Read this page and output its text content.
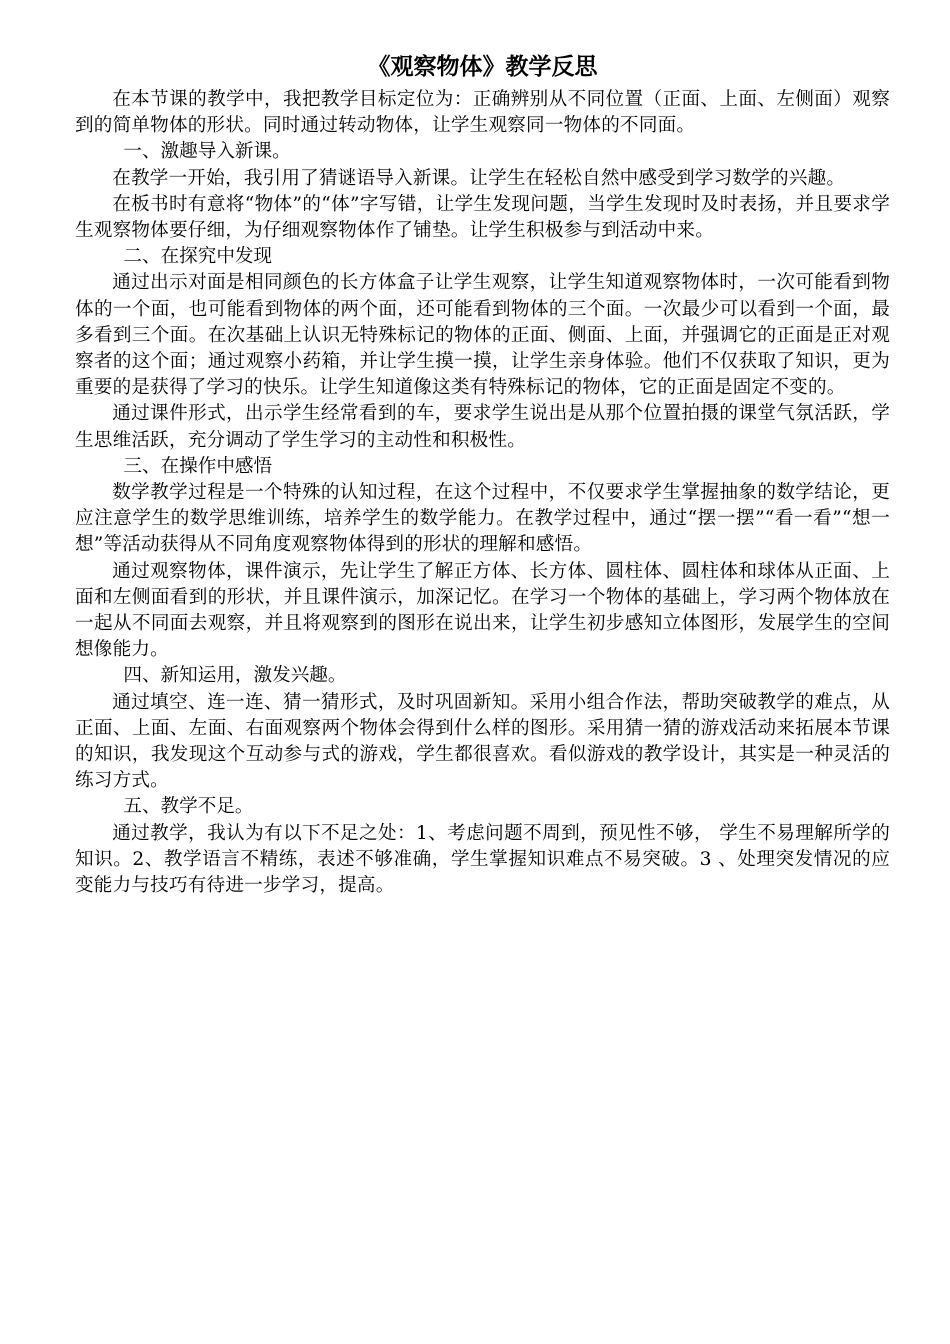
《观察物体》教学反思

在本节课的教学中，我把教学目标定位为：正确辨别从不同位置（正面、上面、左侧面）观察到的简单物体的形状。同时通过转动物体，让学生观察同一物体的不同面。

一、激趣导入新课。

在教学一开始，我引用了猜谜语导入新课。让学生在轻松自然中感受到学习数学的兴趣。

在板书时有意将“物体”的“体”字写错，让学生发现问题，当学生发现时及时表扬，并且要求学生观察物体要仔细，为仔细观察物体作了铺垫。让学生积极参与到活动中来。

二、在探究中发现

通过出示对面是相同颜色的长方体盒子让学生观察，让学生知道观察物体时，一次可能看到物体的一个面，也可能看到物体的两个面，还可能看到物体的三个面。一次最少可以看到一个面，最多看到三个面。在次基础上认识无特殊标记的物体的正面、侧面、上面，并强调它的正面是正对观察者的这个面；通过观察小药箱，并让学生摸一摸，让学生亲身体验。他们不仅获取了知识，更为重要的是获得了学习的快乐。让学生知道像这类有特殊标记的物体，它的正面是固定不变的。

通过课件形式，出示学生经常看到的车，要求学生说出是从那个位置拍摄的课堂气氛活跃，学生思维活跃，充分调动了学生学习的主动性和积极性。

三、在操作中感悟

数学教学过程是一个特殊的认知过程，在这个过程中，不仅要求学生掌握抽象的数学结论，更应注意学生的数学思维训练，培养学生的数学能力。在教学过程中，通过“摆一摆”“看一看”“想一想”等活动获得从不同角度观察物体得到的形状的理解和感悟。

通过观察物体，课件演示，先让学生了解正方体、长方体、圆柱体、圆柱体和球体从正面、上面和左侧面看到的形状，并且课件演示，加深记忆。在学习一个物体的基础上，学习两个物体放在一起从不同面去观察，并且将观察到的图形在说出来，让学生初步感知立体图形，发展学生的空间想像能力。

四、新知运用，激发兴趣。

通过填空、连一连、猜一猜形式，及时巩固新知。采用小组合作法，帮助突破教学的难点，从正面、上面、左面、右面观察两个物体会得到什么样的图形。采用猜一猜的游戏活动来拓展本节课的知识，我发现这个互动参与式的游戏，学生都很喜欢。看似游戏的教学设计，其实是一种灵活的练习方式。

五、教学不足。

通过教学，我认为有以下不足之处：1、考虑问题不周到，预见性不够， 学生不易理解所学的知识。2、教学语言不精练，表述不够准确，学生掌握知识难点不易突破。3 、处理突发情况的应变能力与技巧有待进一步学习，提高。
